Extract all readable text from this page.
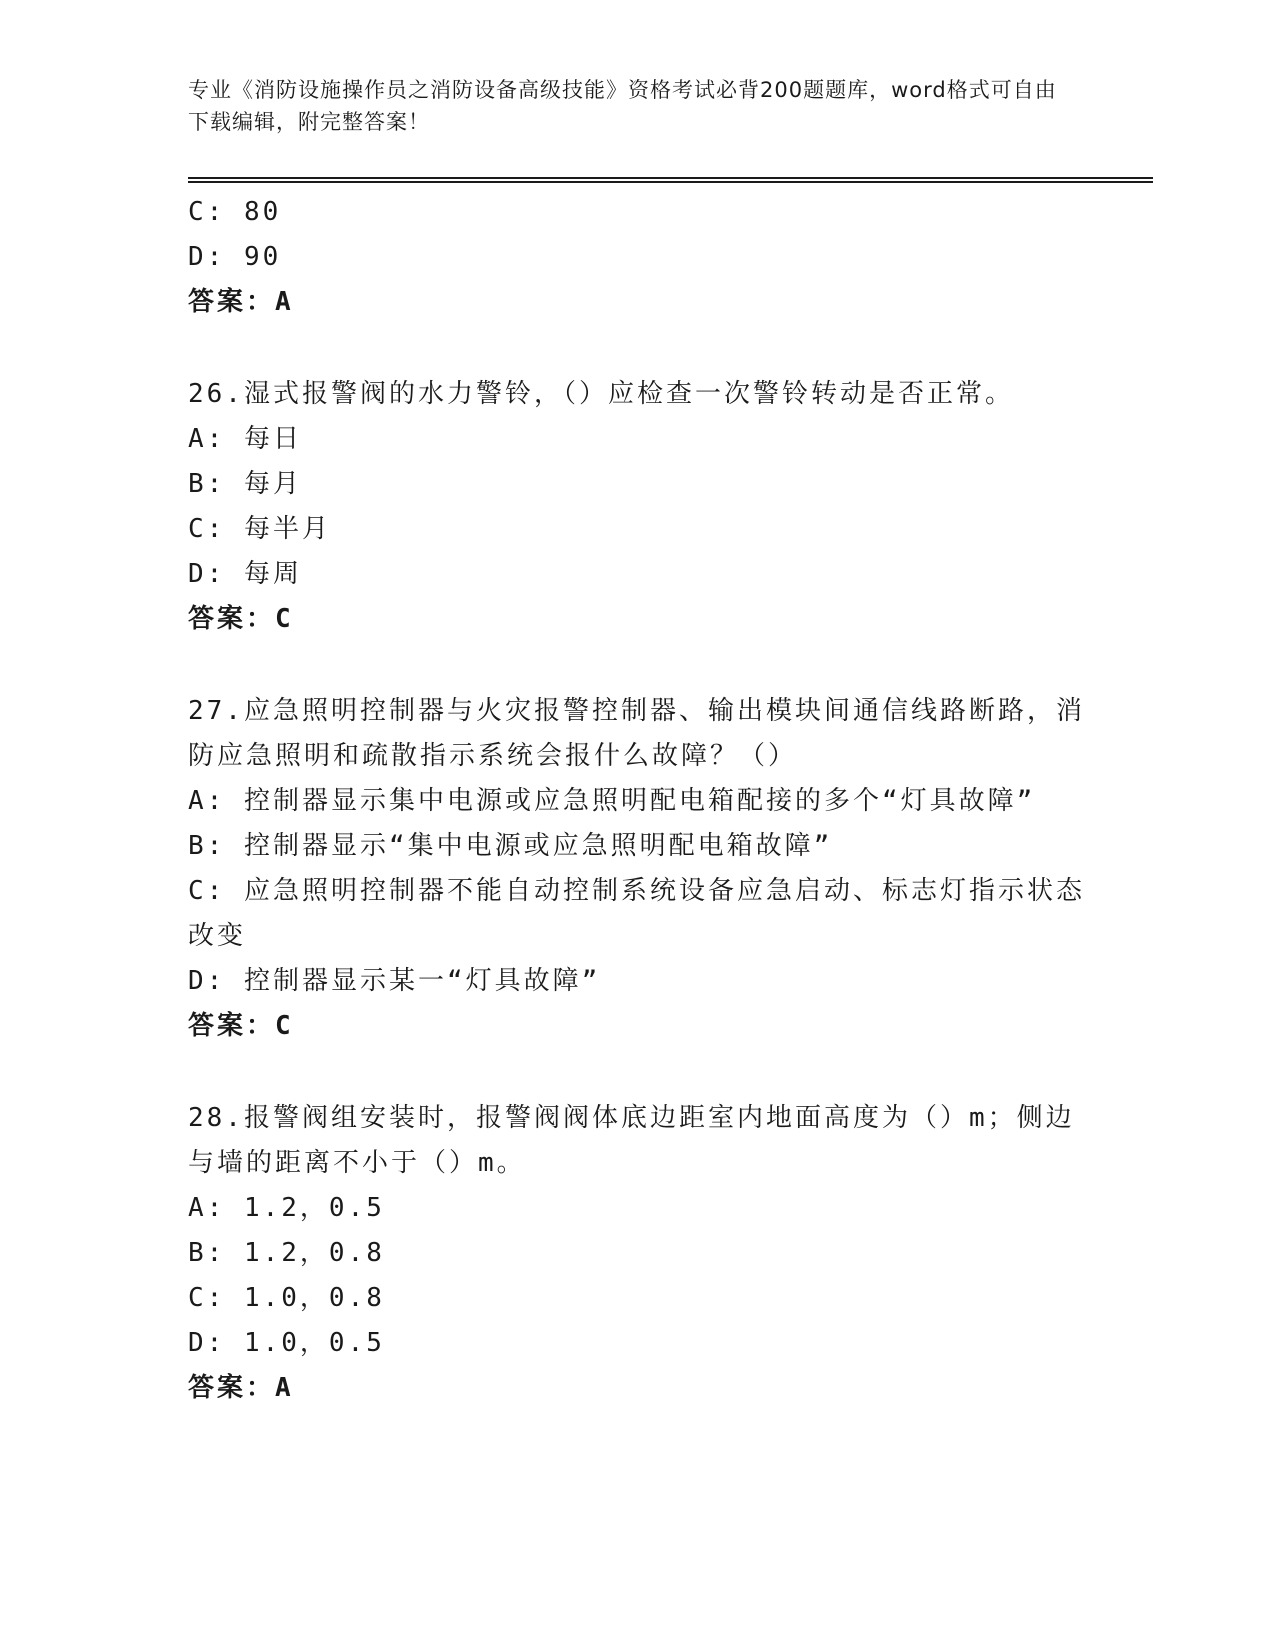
专业《消防设施操作员之消防设备高级技能》资格考试必背200题题库，word格式可自由下载编辑，附完整答案！
C: 80
D: 90
答案：A
26.湿式报警阀的水力警铃，（）应检查一次警铃转动是否正常。
A: 每日
B: 每月
C: 每半月
D: 每周
答案：C
27.应急照明控制器与火灾报警控制器、输出模块间通信线路断路，消防应急照明和疏散指示系统会报什么故障？（）
A: 控制器显示集中电源或应急照明配电箱配接的多个“灯具故障”
B: 控制器显示“集中电源或应急照明配电箱故障”
C: 应急照明控制器不能自动控制系统设备应急启动、标志灯指示状态改变
D: 控制器显示某一“灯具故障”
答案：C
28.报警阀组安装时，报警阀阀体底边距室内地面高度为（）m；侧边与墙的距离不小于（）m。
A: 1.2，0.5
B: 1.2，0.8
C: 1.0，0.8
D: 1.0，0.5
答案：A
